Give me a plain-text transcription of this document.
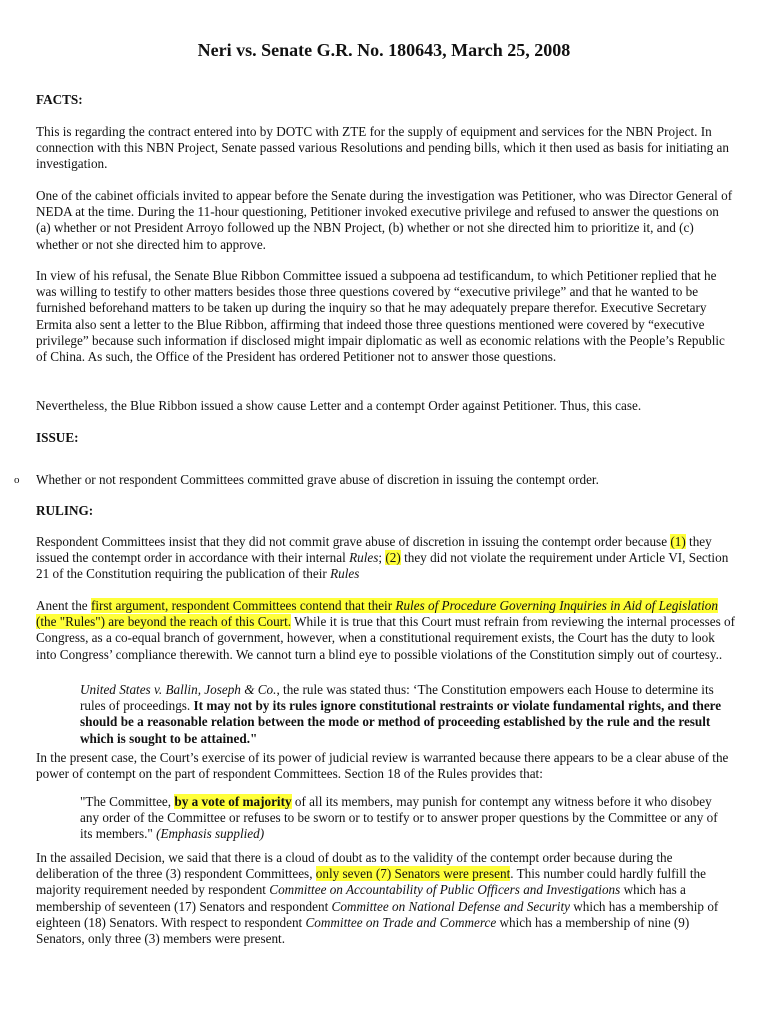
Neri vs. Senate G.R. No. 180643, March 25, 2008
FACTS:

This is regarding the contract entered into by DOTC with ZTE for the supply of equipment and services for the NBN Project. In connection with this NBN Project, Senate passed various Resolutions and pending bills, which it then used as basis for initiating an investigation.

One of the cabinet officials invited to appear before the Senate during the investigation was Petitioner, who was Director General of NEDA at the time. During the 11-hour questioning, Petitioner invoked executive privilege and refused to answer the questions on (a) whether or not President Arroyo followed up the NBN Project, (b) whether or not she directed him to prioritize it, and (c) whether or not she directed him to approve.

In view of his refusal, the Senate Blue Ribbon Committee issued a subpoena ad testificandum, to which Petitioner replied that he was willing to testify to other matters besides those three questions covered by “executive privilege” and that he wanted to be furnished beforehand matters to be taken up during the inquiry so that he may adequately prepare therefor. Executive Secretary Ermita also sent a letter to the Blue Ribbon, affirming that indeed those three questions mentioned were covered by “executive privilege” because such information if disclosed might impair diplomatic as well as economic relations with the People’s Republic of China. As such, the Office of the President has ordered Petitioner not to answer those questions.

Nevertheless, the Blue Ribbon issued a show cause Letter and a contempt Order against Petitioner. Thus, this case.

ISSUE:
o Whether or not respondent Committees committed grave abuse of discretion in issuing the contempt order.

RULING:

Respondent Committees insist that they did not commit grave abuse of discretion in issuing the contempt order because (1) they issued the contempt order in accordance with their internal Rules; (2) they did not violate the requirement under Article VI, Section 21 of the Constitution requiring the publication of their Rules

Anent the first argument, respondent Committees contend that their Rules of Procedure Governing Inquiries in Aid of Legislation (the "Rules") are beyond the reach of this Court. While it is true that this Court must refrain from reviewing the internal processes of Congress, as a co-equal branch of government, however, when a constitutional requirement exists, the Court has the duty to look into Congress’ compliance therewith. We cannot turn a blind eye to possible violations of the Constitution simply out of courtesy..

United States v. Ballin, Joseph & Co., the rule was stated thus: ‘The Constitution empowers each House to determine its rules of proceedings. It may not by its rules ignore constitutional restraints or violate fundamental rights, and there should be a reasonable relation between the mode or method of proceeding established by the rule and the result which is sought to be attained."

In the present case, the Court’s exercise of its power of judicial review is warranted because there appears to be a clear abuse of the power of contempt on the part of respondent Committees. Section 18 of the Rules provides that:

"The Committee, by a vote of majority of all its members, may punish for contempt any witness before it who disobey any order of the Committee or refuses to be sworn or to testify or to answer proper questions by the Committee or any of its members." (Emphasis supplied)

In the assailed Decision, we said that there is a cloud of doubt as to the validity of the contempt order because during the deliberation of the three (3) respondent Committees, only seven (7) Senators were present. This number could hardly fulfill the majority requirement needed by respondent Committee on Accountability of Public Officers and Investigations which has a membership of seventeen (17) Senators and respondent Committee on National Defense and Security which has a membership of eighteen (18) Senators. With respect to respondent Committee on Trade and Commerce which has a membership of nine (9) Senators, only three (3) members were present.
